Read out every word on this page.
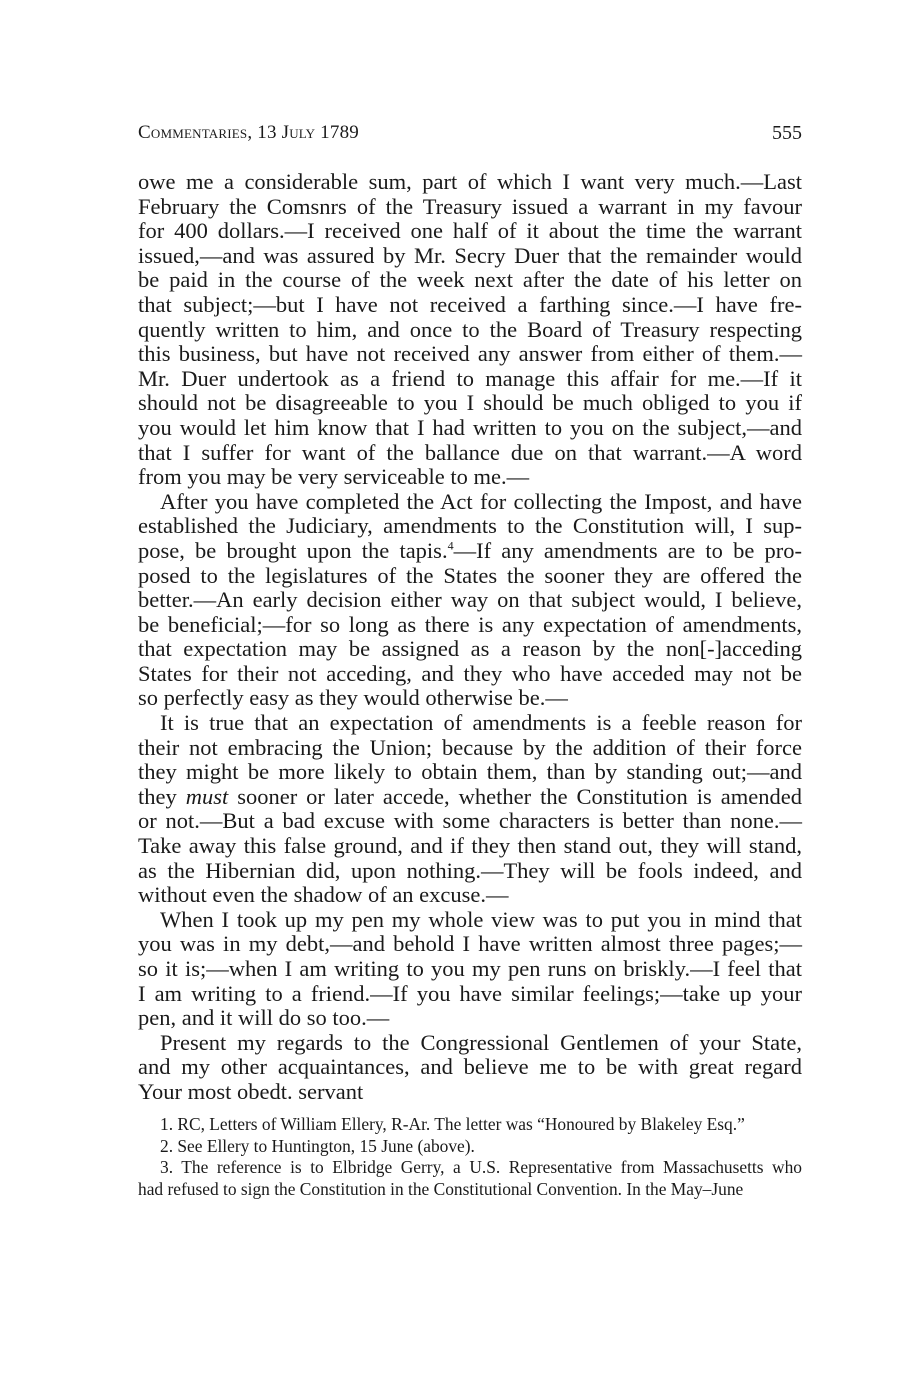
Commentaries, 13 July 1789	555
owe me a considerable sum, part of which I want very much.—Last
February the Comsnrs of the Treasury issued a warrant in my favour
for 400 dollars.—I received one half of it about the time the warrant
issued,—and was assured by Mr. Secry Duer that the remainder would
be paid in the course of the week next after the date of his letter on
that subject;—but I have not received a farthing since.—I have fre-
quently written to him, and once to the Board of Treasury respecting
this business, but have not received any answer from either of them.—
Mr. Duer undertook as a friend to manage this affair for me.—If it
should not be disagreeable to you I should be much obliged to you if
you would let him know that I had written to you on the subject,—and
that I suffer for want of the ballance due on that warrant.—A word
from you may be very serviceable to me.—
After you have completed the Act for collecting the Impost, and have
established the Judiciary, amendments to the Constitution will, I sup-
pose, be brought upon the tapis.$^4$—If any amendments are to be pro-
posed to the legislatures of the States the sooner they are offered the
better.—An early decision either way on that subject would, I believe,
be beneficial;—for so long as there is any expectation of amendments,
that expectation may be assigned as a reason by the non[-]acceding
States for their not acceding, and they who have acceded may not be
so perfectly easy as they would otherwise be.—
It is true that an expectation of amendments is a feeble reason for
their not embracing the Union; because by the addition of their force
they might be more likely to obtain them, than by standing out;—and
they must sooner or later accede, whether the Constitution is amended
or not.—But a bad excuse with some characters is better than none.—
Take away this false ground, and if they then stand out, they will stand,
as the Hibernian did, upon nothing.—They will be fools indeed, and
without even the shadow of an excuse.—
When I took up my pen my whole view was to put you in mind that
you was in my debt,—and behold I have written almost three pages;—
so it is;—when I am writing to you my pen runs on briskly.—I feel that
I am writing to a friend.—If you have similar feelings;—take up your
pen, and it will do so too.—
Present my regards to the Congressional Gentlemen of your State,
and my other acquaintances, and believe me to be with great regard
Your most obedt. servant
1. RC, Letters of William Ellery, R-Ar. The letter was “Honoured by Blakeley Esq.”
2. See Ellery to Huntington, 15 June (above).
3. The reference is to Elbridge Gerry, a U.S. Representative from Massachusetts who
had refused to sign the Constitution in the Constitutional Convention. In the May–June
